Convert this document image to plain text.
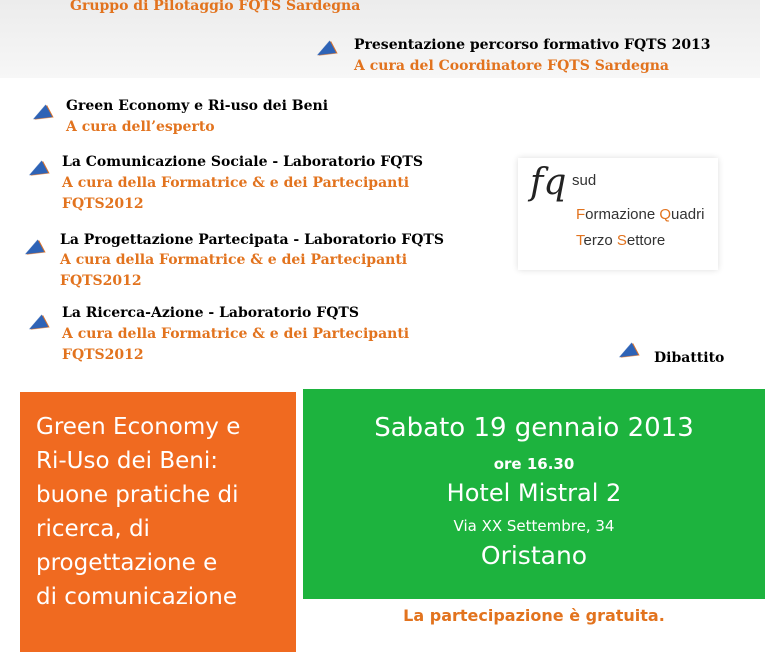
Gruppo di Pilotaggio FQTS Sardegna
Presentazione percorso formativo FQTS 2013
A cura del Coordinatore FQTS Sardegna
Green Economy e Ri-uso dei Beni
A cura dell’esperto
La Comunicazione Sociale - Laboratorio FQTS
A cura della Formatrice & e dei Partecipanti
FQTS2012
La Progettazione Partecipata - Laboratorio FQTS
A cura della Formatrice & e dei Partecipanti
FQTS2012
La Ricerca-Azione - Laboratorio FQTS
A cura della Formatrice & e dei Partecipanti
FQTS2012	Dibattito
fq sud
Formazione Quadri
Terzo Settore
Green Economy e
Ri-Uso dei Beni:
buone pratiche di
ricerca, di
progettazione e
di comunicazione
Sabato 19 gennaio 2013
ore 16.30
Hotel Mistral 2
Via XX Settembre, 34
Oristano
La partecipazione è gratuita.
